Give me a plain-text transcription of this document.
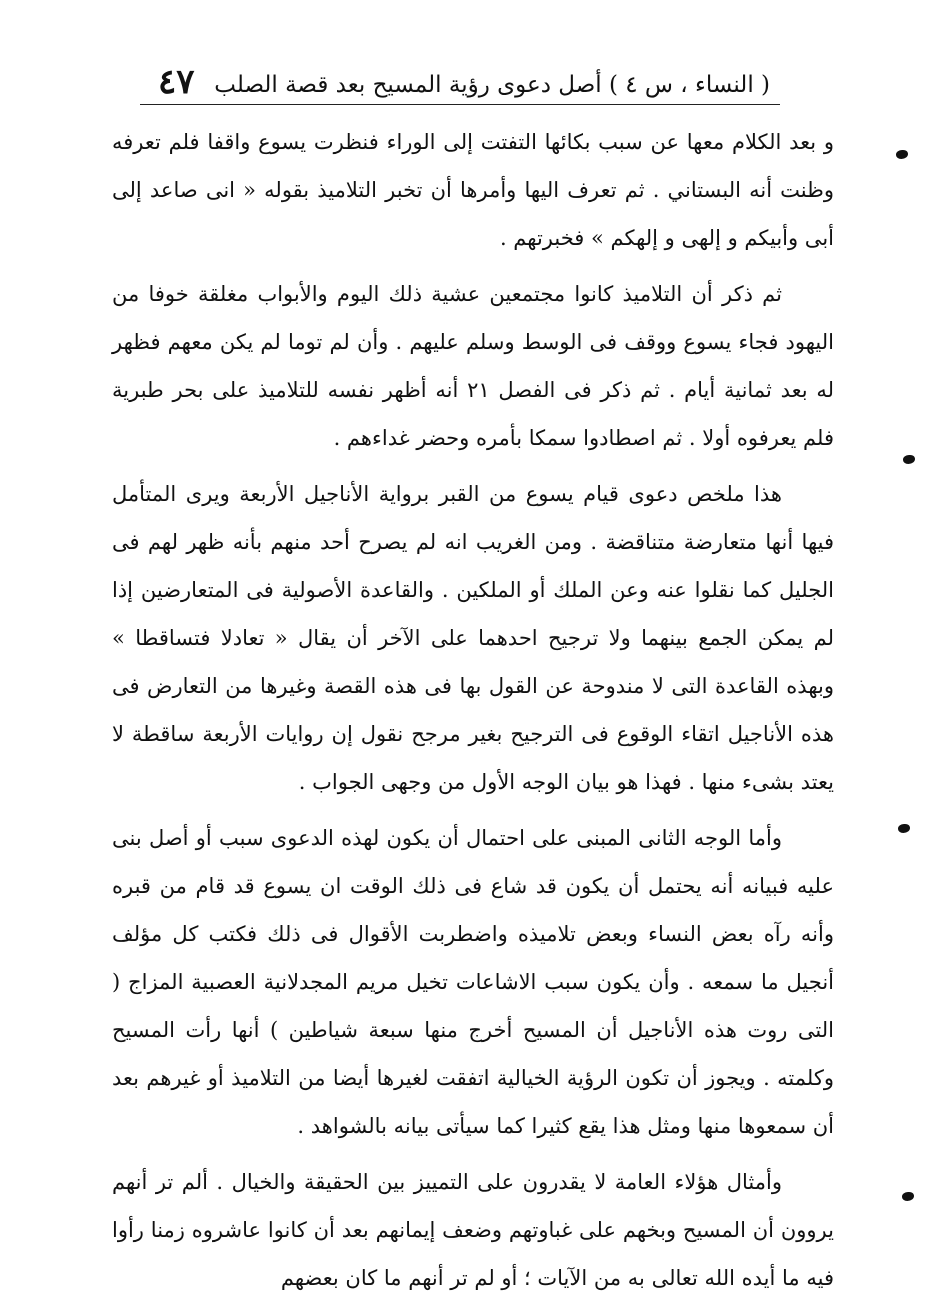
( النساء ، س ٤ ) أصل دعوى رؤية المسيح بعد قصة الصلب
٤٧

و بعد الكلام معها عن سبب بكائها التفتت إلى الوراء فنظرت يسوع واقفا فلم تعرفه وظنت أنه البستاني . ثم تعرف اليها وأمرها أن تخبر التلاميذ بقوله « انى صاعد إلى أبى وأبيكم و إلهى و إلهكم » فخبرتهم .

ثم ذكر أن التلاميذ كانوا مجتمعين عشية ذلك اليوم والأبواب مغلقة خوفا من اليهود فجاء يسوع ووقف فى الوسط وسلم عليهم . وأن لم توما لم يكن معهم فظهر له بعد ثمانية أيام . ثم ذكر فى الفصل ٢١ أنه أظهر نفسه للتلاميذ على بحر طبرية فلم يعرفوه أولا . ثم اصطادوا سمكا بأمره وحضر غداءهم .

هذا ملخص دعوى قيام يسوع من القبر برواية الأناجيل الأربعة ويرى المتأمل فيها أنها متعارضة متناقضة . ومن الغريب انه لم يصرح أحد منهم بأنه ظهر لهم فى الجليل كما نقلوا عنه وعن الملك أو الملكين . والقاعدة الأصولية فى المتعارضين إذا لم يمكن الجمع بينهما ولا ترجيح احدهما على الآخر أن يقال « تعادلا فتساقطا » وبهذه القاعدة التى لا مندوحة عن القول بها فى هذه القصة وغيرها من التعارض فى هذه الأناجيل اتقاء الوقوع فى الترجيح بغير مرجح نقول إن روايات الأربعة ساقطة لا يعتد بشىء منها . فهذا هو بيان الوجه الأول من وجهى الجواب .

وأما الوجه الثانى المبنى على احتمال أن يكون لهذه الدعوى سبب أو أصل بنى عليه فبيانه أنه يحتمل أن يكون قد شاع فى ذلك الوقت ان يسوع قد قام من قبره وأنه رآه بعض النساء وبعض تلاميذه واضطربت الأقوال فى ذلك فكتب كل مؤلف أنجيل ما سمعه . وأن يكون سبب الاشاعات تخيل مريم المجدلانية العصبية المزاج ( التى روت هذه الأناجيل أن المسيح أخرج منها سبعة شياطين ) أنها رأت المسيح وكلمته . ويجوز أن تكون الرؤية الخيالية اتفقت لغيرها أيضا من التلاميذ أو غيرهم بعد أن سمعوها منها ومثل هذا يقع كثيرا كما سيأتى بيانه بالشواهد .

وأمثال هؤلاء العامة لا يقدرون على التمييز بين الحقيقة والخيال . ألم تر أنهم يروون أن المسيح وبخهم على غباوتهم وضعف إيمانهم بعد أن كانوا عاشروه زمنا رأوا فيه ما أيده الله تعالى به من الآيات ؛ أو لم تر أنهم ما كان بعضهم
